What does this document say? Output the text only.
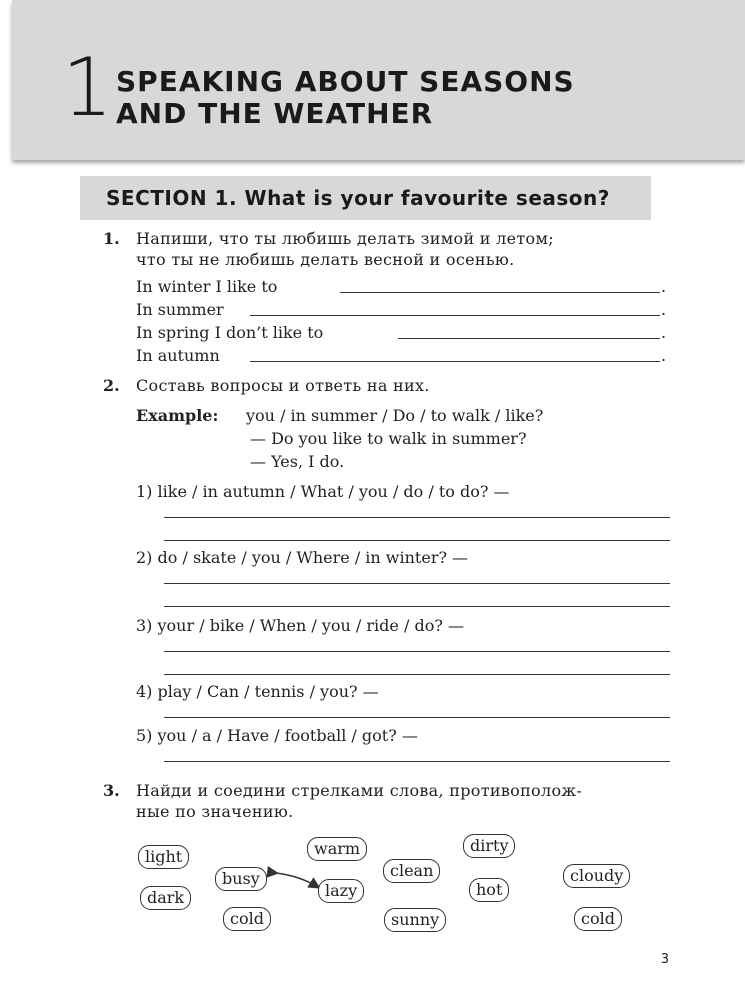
1 SPEAKING ABOUT SEASONS
AND THE WEATHER
SECTION 1. What is your favourite season?
1. Напиши, что ты любишь делать зимой и летом;
что ты не любишь делать весной и осенью.
In winter I like to	.
In summer	.
In spring I don’t like to	.
In autumn	.
2. Составь вопросы и ответь на них.
Example: you / in summer / Do / to walk / like?
— Do you like to walk in summer?
— Yes, I do.
1) like / in autumn / What / you / do / to do? —
2) do / skate / you / Where / in winter? —
3) your / bike / When / you / ride / do? —
4) play / Can / tennis / you? —
5) you / a / Have / football / got? —
3. Найди и соедини стрелками слова, противополож-
ные по значению.
light
dark
busy
cold
warm
lazy
clean
sunny
dirty
hot
cloudy
cold
3
